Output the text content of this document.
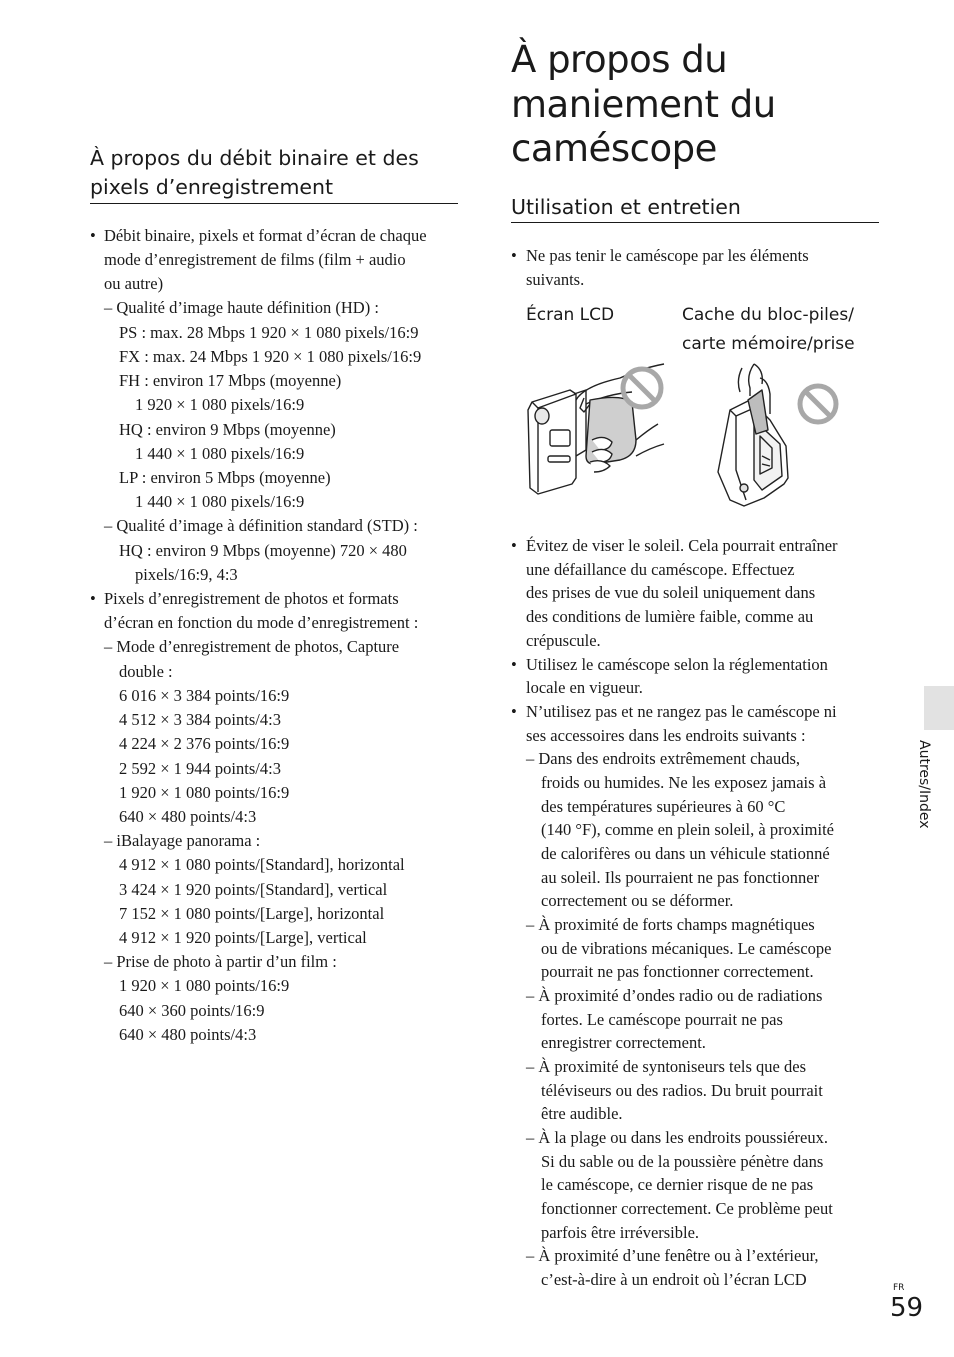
À propos du débit binaire et des pixels d’enregistrement
• Débit binaire, pixels et format d’écran de chaque
mode d’enregistrement de films (film + audio
ou autre)
– Qualité d’image haute définition (HD) :
PS : max. 28 Mbps 1 920 × 1 080 pixels/16:9
FX : max. 24 Mbps 1 920 × 1 080 pixels/16:9
FH : environ 17 Mbps (moyenne)
1 920 × 1 080 pixels/16:9
HQ : environ 9 Mbps (moyenne)
1 440 × 1 080 pixels/16:9
LP : environ 5 Mbps (moyenne)
1 440 × 1 080 pixels/16:9
– Qualité d’image à définition standard (STD) :
HQ : environ 9 Mbps (moyenne) 720 × 480
pixels/16:9, 4:3
• Pixels d’enregistrement de photos et formats
d’écran en fonction du mode d’enregistrement :
– Mode d’enregistrement de photos, Capture
double :
6 016 × 3 384 points/16:9
4 512 × 3 384 points/4:3
4 224 × 2 376 points/16:9
2 592 × 1 944 points/4:3
1 920 × 1 080 points/16:9
640 × 480 points/4:3
– iBalayage panorama :
4 912 × 1 080 points/[Standard], horizontal
3 424 × 1 920 points/[Standard], vertical
7 152 × 1 080 points/[Large], horizontal
4 912 × 1 920 points/[Large], vertical
– Prise de photo à partir d’un film :
1 920 × 1 080 points/16:9
640 × 360 points/16:9
640 × 480 points/4:3
À propos du
maniement du
caméscope
Utilisation et entretien
• Ne pas tenir le caméscope par les éléments
suivants.
Écran LCD	Cache du bloc-piles/
carte mémoire/prise
• Évitez de viser le soleil. Cela pourrait entraîner
une défaillance du caméscope. Effectuez
des prises de vue du soleil uniquement dans
des conditions de lumière faible, comme au
crépuscule.
• Utilisez le caméscope selon la réglementation
locale en vigueur.
• N’utilisez pas et ne rangez pas le caméscope ni
ses accessoires dans les endroits suivants :
– Dans des endroits extrêmement chauds,
froids ou humides. Ne les exposez jamais à
des températures supérieures à 60 °C
(140 °F), comme en plein soleil, à proximité
de calorifères ou dans un véhicule stationné
au soleil. Ils pourraient ne pas fonctionner
correctement ou se déformer.
– À proximité de forts champs magnétiques
ou de vibrations mécaniques. Le caméscope
pourrait ne pas fonctionner correctement.
– À proximité d’ondes radio ou de radiations
fortes. Le caméscope pourrait ne pas
enregistrer correctement.
– À proximité de syntoniseurs tels que des
téléviseurs ou des radios. Du bruit pourrait
être audible.
– À la plage ou dans les endroits poussiéreux.
Si du sable ou de la poussière pénètre dans
le caméscope, ce dernier risque de ne pas
fonctionner correctement. Ce problème peut
parfois être irréversible.
– À proximité d’une fenêtre ou à l’extérieur,
c’est-à-dire à un endroit où l’écran LCD
Autres/Index
FR
59
